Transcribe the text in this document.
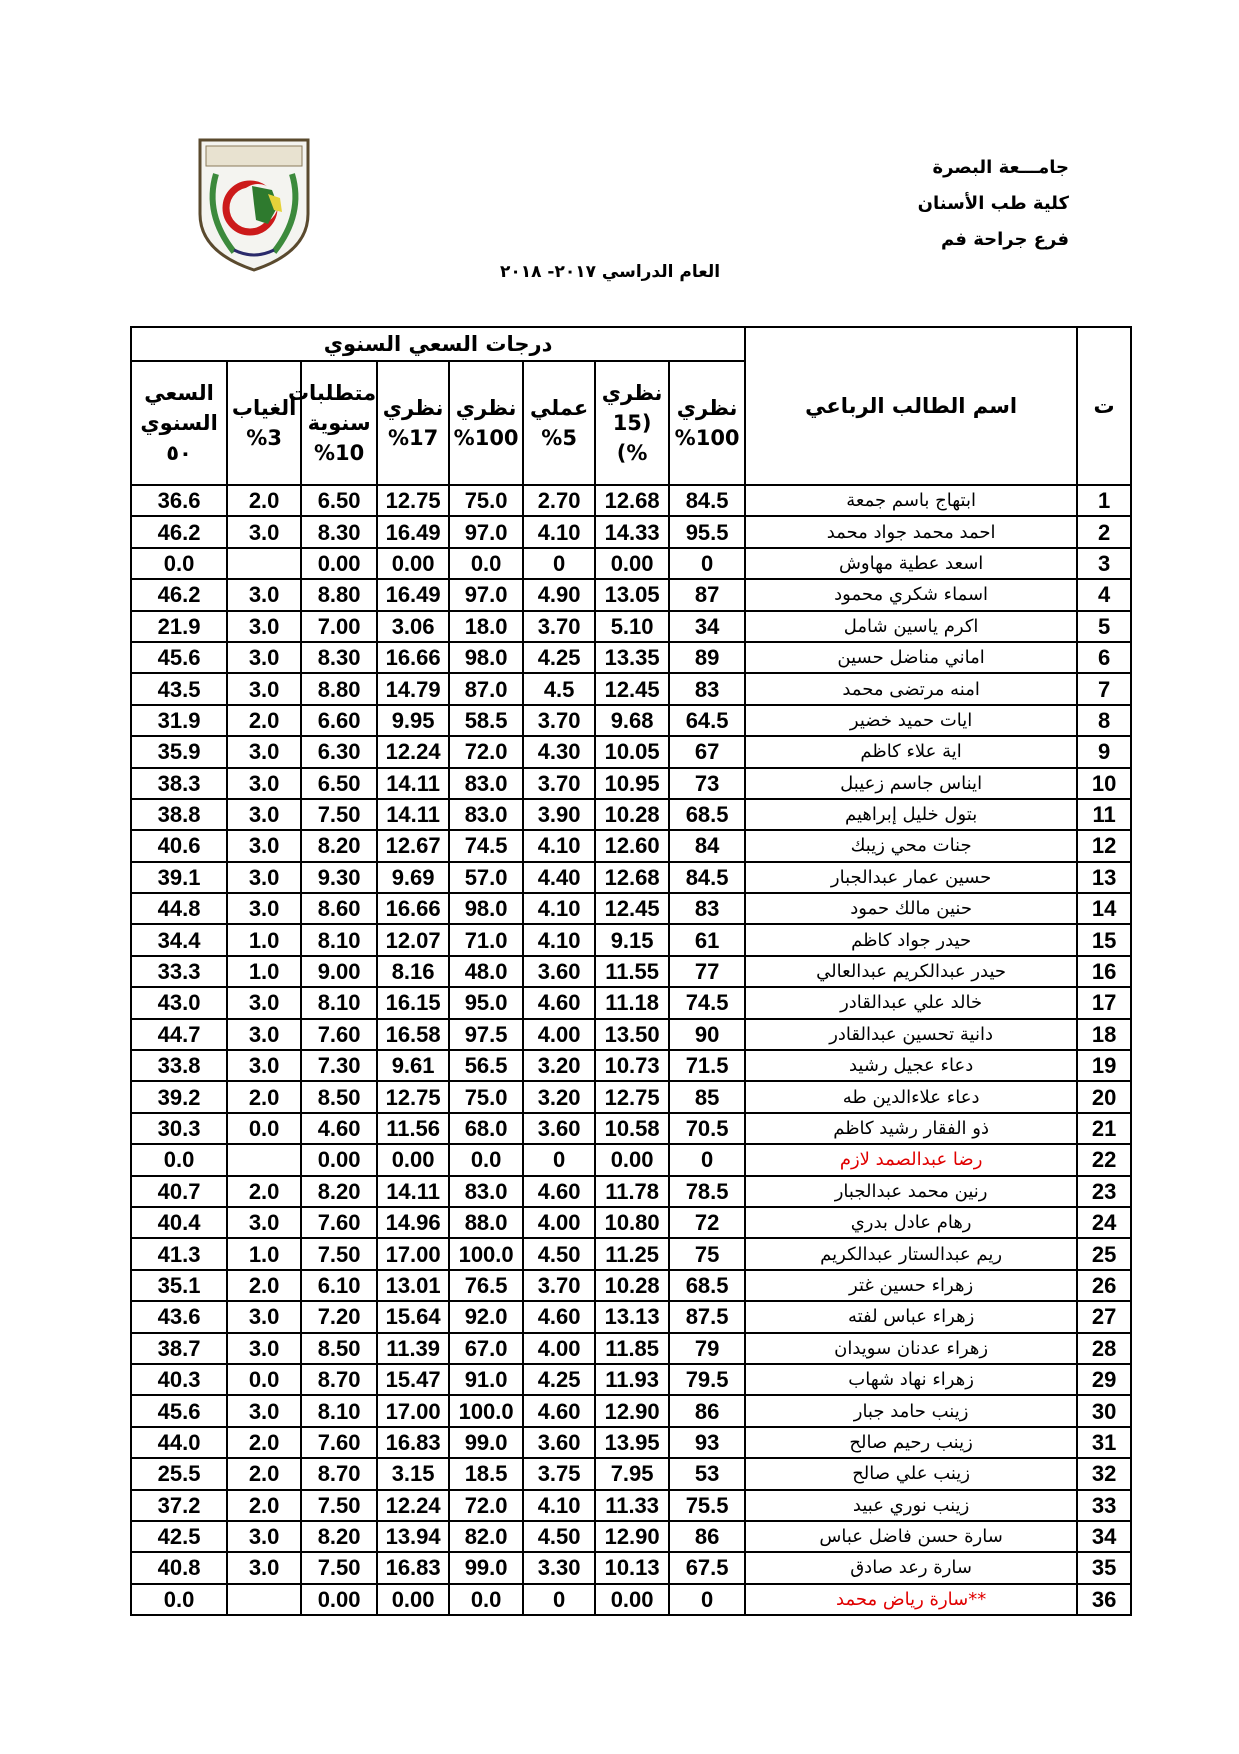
جامـــعة البصرة
كلية طب الأسنان
فرع جراحة فم
العام الدراسي ٢٠١٧- ٢٠١٨
ت	اسم الطالب الرباعي	درجات السعي السنوي							
		نظري 100%	نظري (15 %)	عملي 5%	نظري 100%	نظري 17%	متطلبات سنوية 10%	الغياب 3%	السعي السنوي ٥٠
1	ابتهاج باسم جمعة	84.5	12.68	2.70	75.0	12.75	6.50	2.0	36.6
2	احمد محمد جواد محمد	95.5	14.33	4.10	97.0	16.49	8.30	3.0	46.2
3	اسعد عطية مهاوش	0	0.00	0	0.0	0.00	0.00		0.0
4	اسماء شكري محمود	87	13.05	4.90	97.0	16.49	8.80	3.0	46.2
5	اكرم ياسين شامل	34	5.10	3.70	18.0	3.06	7.00	3.0	21.9
6	اماني مناضل حسين	89	13.35	4.25	98.0	16.66	8.30	3.0	45.6
7	امنه مرتضى محمد	83	12.45	4.5	87.0	14.79	8.80	3.0	43.5
8	ايات حميد خضير	64.5	9.68	3.70	58.5	9.95	6.60	2.0	31.9
9	اية علاء كاظم	67	10.05	4.30	72.0	12.24	6.30	3.0	35.9
10	ايناس جاسم زعيبل	73	10.95	3.70	83.0	14.11	6.50	3.0	38.3
11	بتول خليل إبراهيم	68.5	10.28	3.90	83.0	14.11	7.50	3.0	38.8
12	جنات محي زيبك	84	12.60	4.10	74.5	12.67	8.20	3.0	40.6
13	حسين عمار عبدالجبار	84.5	12.68	4.40	57.0	9.69	9.30	3.0	39.1
14	حنين مالك حمود	83	12.45	4.10	98.0	16.66	8.60	3.0	44.8
15	حيدر جواد كاظم	61	9.15	4.10	71.0	12.07	8.10	1.0	34.4
16	حيدر عبدالكريم عبدالعالي	77	11.55	3.60	48.0	8.16	9.00	1.0	33.3
17	خالد علي عبدالقادر	74.5	11.18	4.60	95.0	16.15	8.10	3.0	43.0
18	دانية تحسين عبدالقادر	90	13.50	4.00	97.5	16.58	7.60	3.0	44.7
19	دعاء عجيل رشيد	71.5	10.73	3.20	56.5	9.61	7.30	3.0	33.8
20	دعاء علاءالدين طه	85	12.75	3.20	75.0	12.75	8.50	2.0	39.2
21	ذو الفقار رشيد كاظم	70.5	10.58	3.60	68.0	11.56	4.60	0.0	30.3
22	رضا عبدالصمد لازم	0	0.00	0	0.0	0.00	0.00		0.0
23	رنين محمد عبدالجبار	78.5	11.78	4.60	83.0	14.11	8.20	2.0	40.7
24	رهام عادل بدري	72	10.80	4.00	88.0	14.96	7.60	3.0	40.4
25	ريم عبدالستار عبدالكريم	75	11.25	4.50	100.0	17.00	7.50	1.0	41.3
26	زهراء حسين غتر	68.5	10.28	3.70	76.5	13.01	6.10	2.0	35.1
27	زهراء عباس لفته	87.5	13.13	4.60	92.0	15.64	7.20	3.0	43.6
28	زهراء عدنان سويدان	79	11.85	4.00	67.0	11.39	8.50	3.0	38.7
29	زهراء نهاد شهاب	79.5	11.93	4.25	91.0	15.47	8.70	0.0	40.3
30	زينب حامد جبار	86	12.90	4.60	100.0	17.00	8.10	3.0	45.6
31	زينب رحيم صالح	93	13.95	3.60	99.0	16.83	7.60	2.0	44.0
32	زينب علي صالح	53	7.95	3.75	18.5	3.15	8.70	2.0	25.5
33	زينب نوري عبيد	75.5	11.33	4.10	72.0	12.24	7.50	2.0	37.2
34	سارة حسن فاضل عباس	86	12.90	4.50	82.0	13.94	8.20	3.0	42.5
35	سارة رعد صادق	67.5	10.13	3.30	99.0	16.83	7.50	3.0	40.8
36	**سارة رياض محمد	0	0.00	0	0.0	0.00	0.00		0.0
